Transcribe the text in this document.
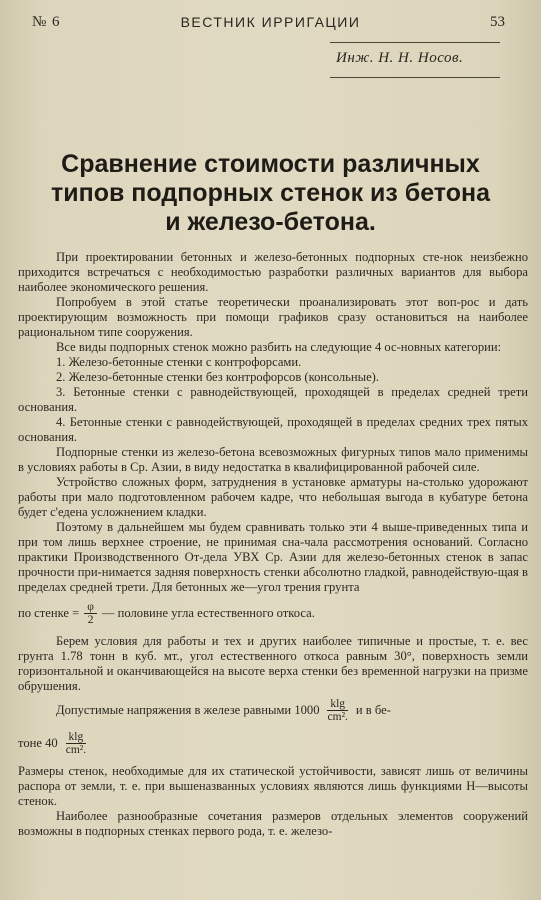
№ 6	ВЕСТНИК ИРРИГАЦИИ	53
Инж. Н. Н. Носов.
Сравнение стоимости различных
типов подпорных стенок из бетона
и железо-бетона.

При проектировании бетонных и железо-бетонных подпорных сте-нок неизбежно приходится встречаться с необходимостью разработки различных вариантов для выбора наиболее экономического решения.

Попробуем в этой статье теоретически проанализировать этот воп-рос и дать проектирующим возможность при помощи графиков сразу остановиться на наиболее рациональном типе сооружения.

Все виды подпорных стенок можно разбить на следующие 4 ос-новных категории:

1. Железо-бетонные стенки с контрофорсами.

2. Железо-бетонные стенки без контрофорсов (консольные).

3. Бетонные стенки с равнодействующей, проходящей в пределах средней трети основания.

4. Бетонные стенки с равнодействующей, проходящей в пределах средних трех пятых основания.

Подпорные стенки из железо-бетона всевозможных фигурных типов мало применимы в условиях работы в Ср. Азии, в виду недостатка в квалифицированной рабочей силе.

Устройство сложных форм, затруднения в установке арматуры на-столько удорожают работы при мало подготовленном рабочем кадре, что небольшая выгода в кубатуре бетона будет с'едена усложнением кладки.

Поэтому в дальнейшем мы будем сравнивать только эти 4 выше-приведенных типа и при том лишь верхнее строение, не принимая сна-чала рассмотрения оснований. Согласно практики Производственного От-дела УВХ Ср. Азии для железо-бетонных стенок в запас прочности при-нимается задняя поверхность стенки абсолютно гладкой, равнодействую-щая в пределах средней трети. Для бетонных же—угол трения грунта

по стенке = $\frac{\varphi}{2}$ — половине угла естественного откоса.

Берем условия для работы и тех и других наиболее типичные и простые, т. е. вес грунта 1.78 тонн в куб. мт., угол естественного откоса равным 30°, поверхность земли горизонтальной и оканчивающейся на высоте верха стенки без временной нагрузки на призме обрушения.

Допустимые напряжения в железе равными $1000 \frac{klg}{\text{cm².}}$ и в бе-
тоне $40 \frac{klg}{\text{cm².}}$

Размеры стенок, необходимые для их статической устойчивости, зависят лишь от величины распора от земли, т. е. при вышеназванных условиях являются лишь функциями Н—высоты стенок.

Наиболее разнообразные сочетания размеров отдельных элементов сооружений возможны в подпорных стенках первого рода, т. е. железо-
